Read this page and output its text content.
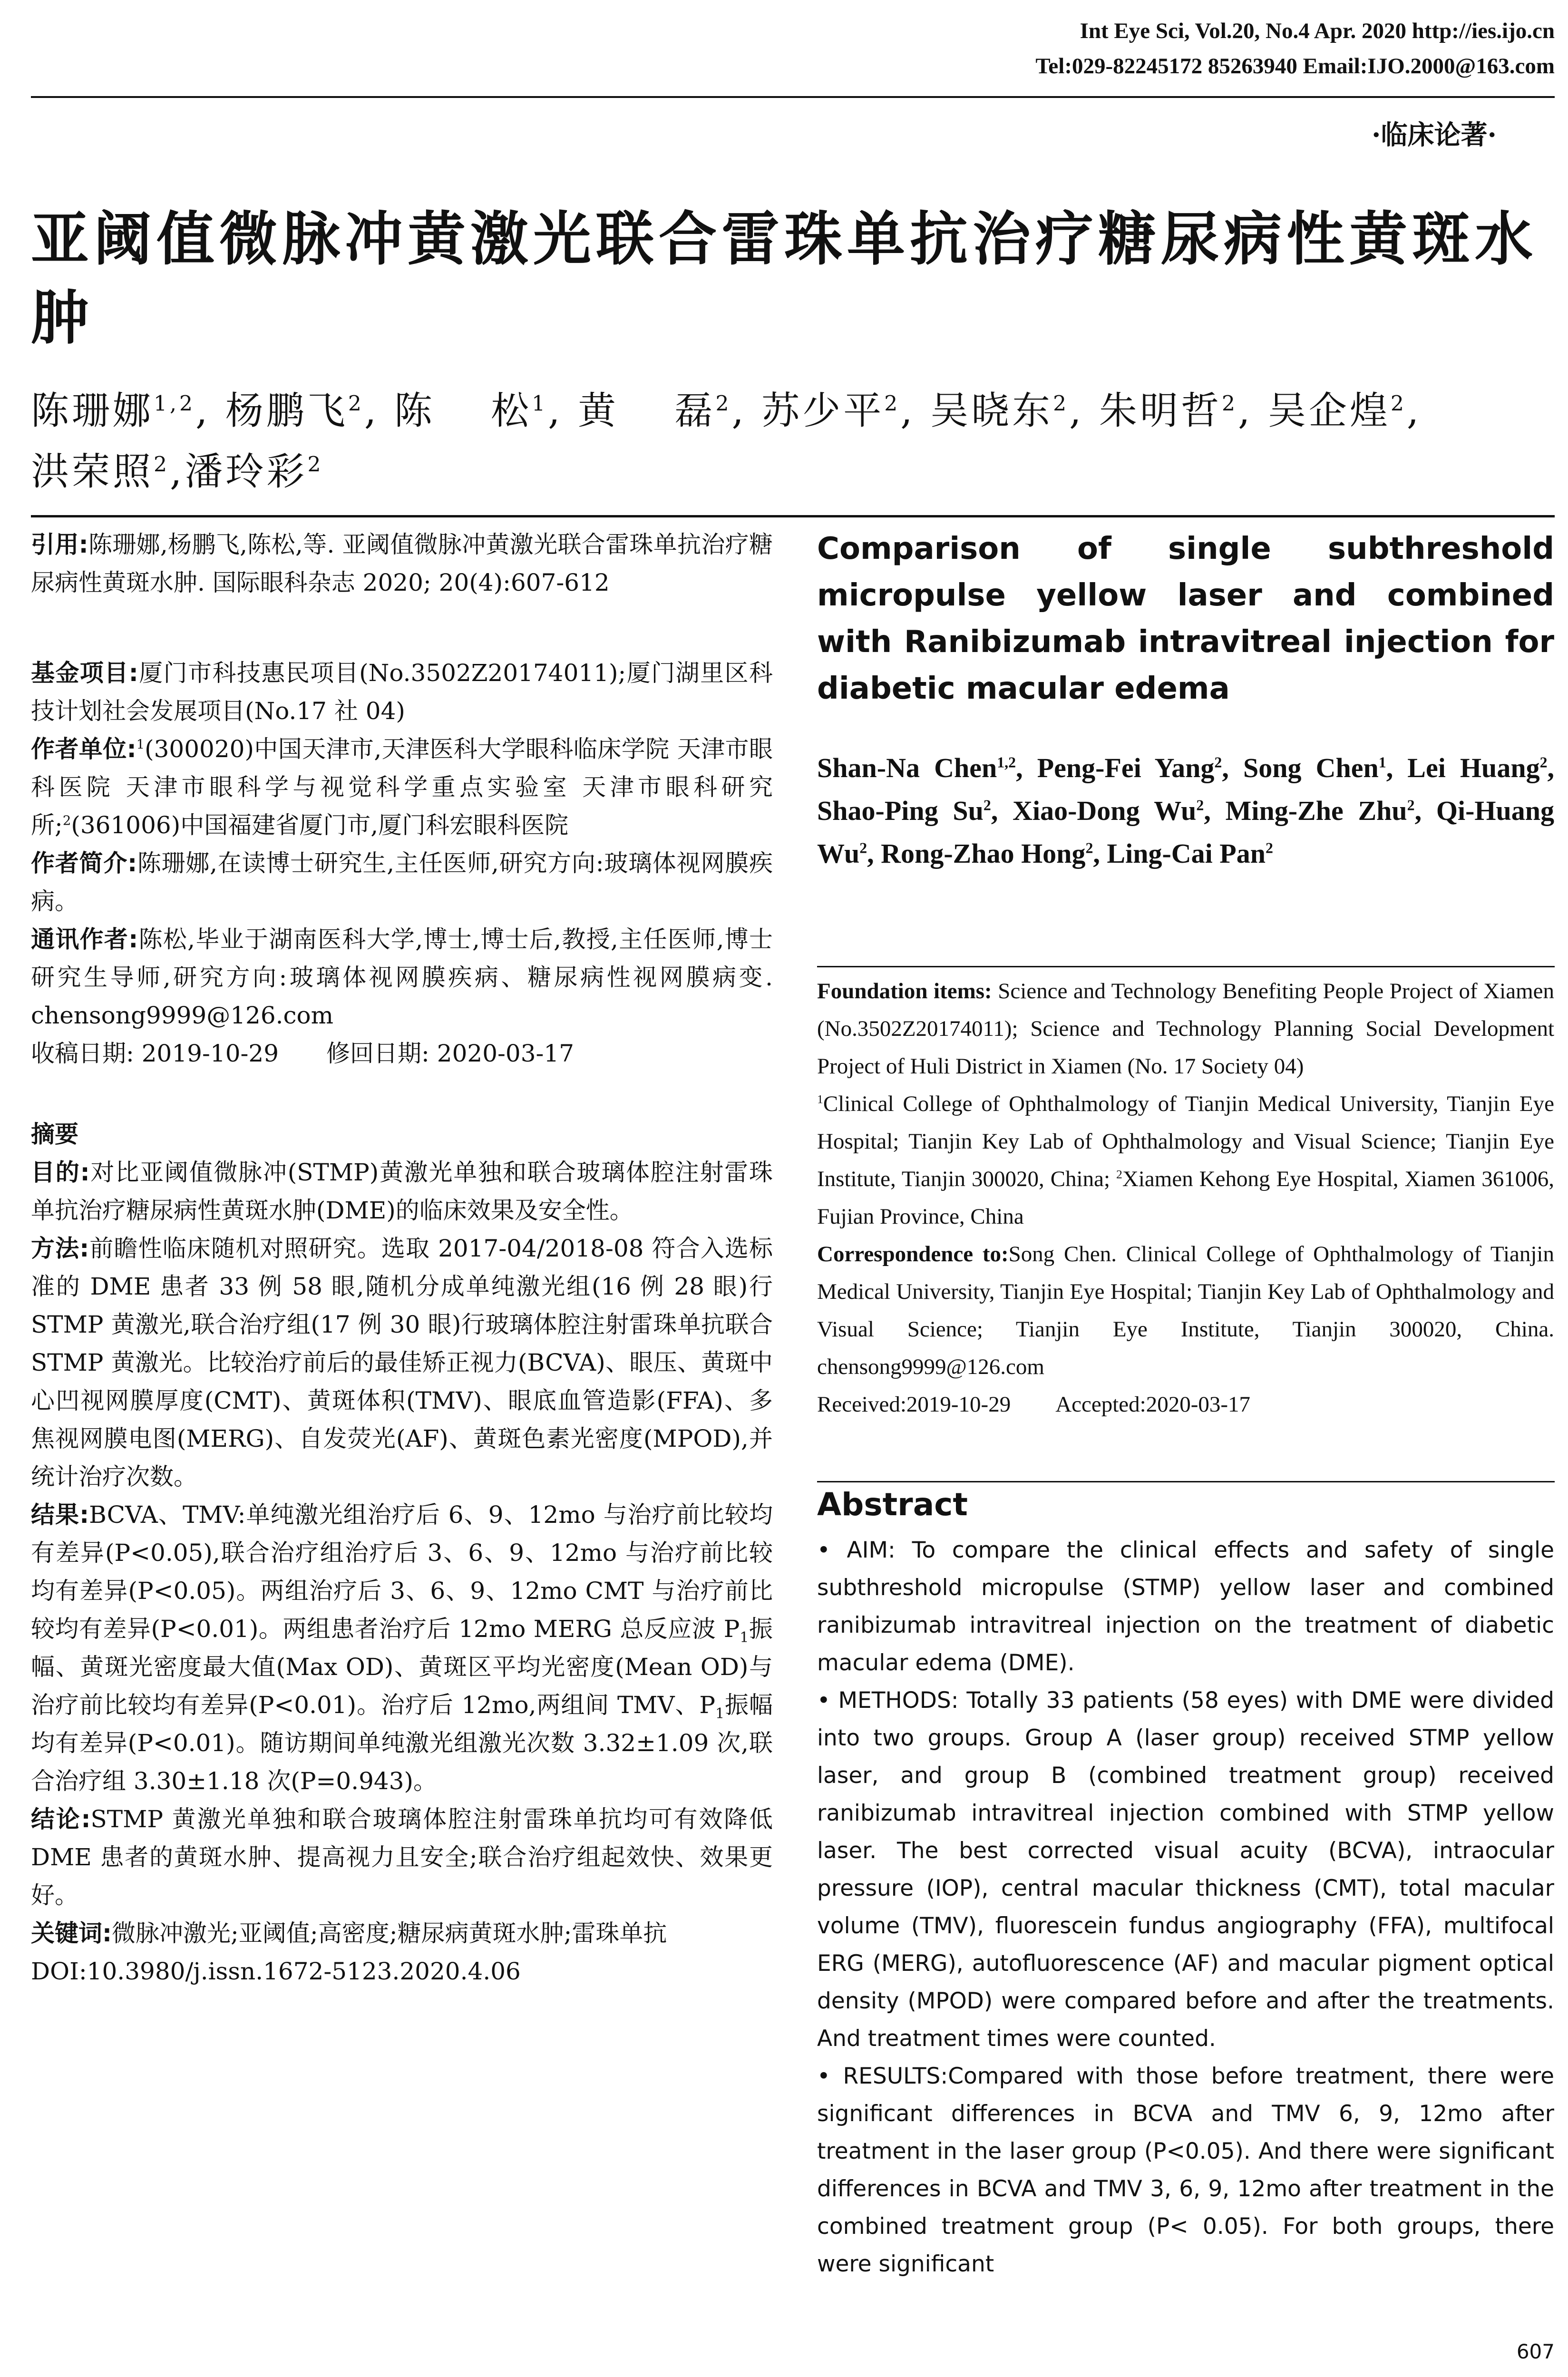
Int Eye Sci, Vol.20, No.4 Apr. 2020 http://ies.ijo.cn
Tel:029-82245172 85263940 Email:IJO.2000@163.com
·临床论著·
亚阈值微脉冲黄激光联合雷珠单抗治疗糖尿病性黄斑水肿
陈珊娜$^{1,2}$, 杨鹏飞$^2$, 陈　 松$^1$, 黄　 磊$^2$, 苏少平$^2$, 吴晓东$^2$, 朱明哲$^2$, 吴企煌$^2$,
洪荣照$^2$,潘玲彩$^2$

引用:陈珊娜,杨鹏飞,陈松,等. 亚阈值微脉冲黄激光联合雷珠单抗治疗糖尿病性黄斑水肿. 国际眼科杂志 2020; 20(4):607-612

基金项目:厦门市科技惠民项目(No.3502Z20174011);厦门湖里区科技计划社会发展项目(No.17 社 04)

作者单位:$^1$(300020)中国天津市,天津医科大学眼科临床学院 天津市眼科医院 天津市眼科学与视觉科学重点实验室 天津市眼科研究所;$^2$(361006)中国福建省厦门市,厦门科宏眼科医院

作者简介:陈珊娜,在读博士研究生,主任医师,研究方向:玻璃体视网膜疾病。

通讯作者:陈松,毕业于湖南医科大学,博士,博士后,教授,主任医师,博士研究生导师,研究方向:玻璃体视网膜疾病、糖尿病性视网膜病变. chensong9999@126.com

收稿日期: 2019-10-29　　 修回日期: 2020-03-17

摘要

目的:对比亚阈值微脉冲(STMP)黄激光单独和联合玻璃体腔注射雷珠单抗治疗糖尿病性黄斑水肿(DME)的临床效果及安全性。

方法:前瞻性临床随机对照研究。选取 2017-04/2018-08 符合入选标准的 DME 患者 33 例 58 眼,随机分成单纯激光组(16 例 28 眼)行 STMP 黄激光,联合治疗组(17 例 30 眼)行玻璃体腔注射雷珠单抗联合 STMP 黄激光。比较治疗前后的最佳矫正视力(BCVA)、眼压、黄斑中心凹视网膜厚度(CMT)、黄斑体积(TMV)、眼底血管造影(FFA)、多焦视网膜电图(MERG)、自发荧光(AF)、黄斑色素光密度(MPOD),并统计治疗次数。

结果:BCVA、TMV:单纯激光组治疗后 6、9、12mo 与治疗前比较均有差异(P<0.05),联合治疗组治疗后 3、6、9、12mo 与治疗前比较均有差异(P<0.05)。两组治疗后 3、6、9、12mo CMT 与治疗前比较均有差异(P<0.01)。两组患者治疗后 12mo MERG 总反应波 $P_1$振幅、黄斑光密度最大值(Max OD)、黄斑区平均光密度(Mean OD)与治疗前比较均有差异(P<0.01)。治疗后 12mo,两组间 TMV、$P_1$振幅均有差异(P<0.01)。随访期间单纯激光组激光次数 3.32±1.09 次,联合治疗组 3.30±1.18 次(P=0.943)。

结论:STMP 黄激光单独和联合玻璃体腔注射雷珠单抗均可有效降低 DME 患者的黄斑水肿、提高视力且安全;联合治疗组起效快、效果更好。

关键词:微脉冲激光;亚阈值;高密度;糖尿病黄斑水肿;雷珠单抗

DOI:10.3980/j.issn.1672-5123.2020.4.06

Comparison of single subthreshold micropulse yellow laser and combined with Ranibizumab intravitreal injection for diabetic macular edema
Shan-Na Chen$^{1,2}$, Peng-Fei Yang$^2$, Song Chen$^1$, Lei Huang$^2$, Shao-Ping Su$^2$, Xiao-Dong Wu$^2$, Ming-Zhe Zhu$^2$, Qi-Huang Wu$^2$, Rong-Zhao Hong$^2$, Ling-Cai Pan$^2$

Foundation items: Science and Technology Benefiting People Project of Xiamen (No.3502Z20174011); Science and Technology Planning Social Development Project of Huli District in Xiamen (No. 17 Society 04)

$^1$Clinical College of Ophthalmology of Tianjin Medical University, Tianjin Eye Hospital; Tianjin Key Lab of Ophthalmology and Visual Science; Tianjin Eye Institute, Tianjin 300020, China; $^2$Xiamen Kehong Eye Hospital, Xiamen 361006, Fujian Province, China

Correspondence to:Song Chen. Clinical College of Ophthalmology of Tianjin Medical University, Tianjin Eye Hospital; Tianjin Key Lab of Ophthalmology and Visual Science; Tianjin Eye Institute, Tianjin 300020, China. chensong9999@126.com

Received:2019-10-29 Accepted:2020-03-17

Abstract

• AIM: To compare the clinical effects and safety of single subthreshold micropulse (STMP) yellow laser and combined ranibizumab intravitreal injection on the treatment of diabetic macular edema (DME).

• METHODS: Totally 33 patients (58 eyes) with DME were divided into two groups. Group A (laser group) received STMP yellow laser, and group B (combined treatment group) received ranibizumab intravitreal injection combined with STMP yellow laser. The best corrected visual acuity (BCVA), intraocular pressure (IOP), central macular thickness (CMT), total macular volume (TMV), fluorescein fundus angiography (FFA), multifocal ERG (MERG), autofluorescence (AF) and macular pigment optical density (MPOD) were compared before and after the treatments. And treatment times were counted.

• RESULTS:Compared with those before treatment, there were significant differences in BCVA and TMV 6, 9, 12mo after treatment in the laser group (P<0.05). And there were significant differences in BCVA and TMV 3, 6, 9, 12mo after treatment in the combined treatment group (P< 0.05). For both groups, there were significant

607
